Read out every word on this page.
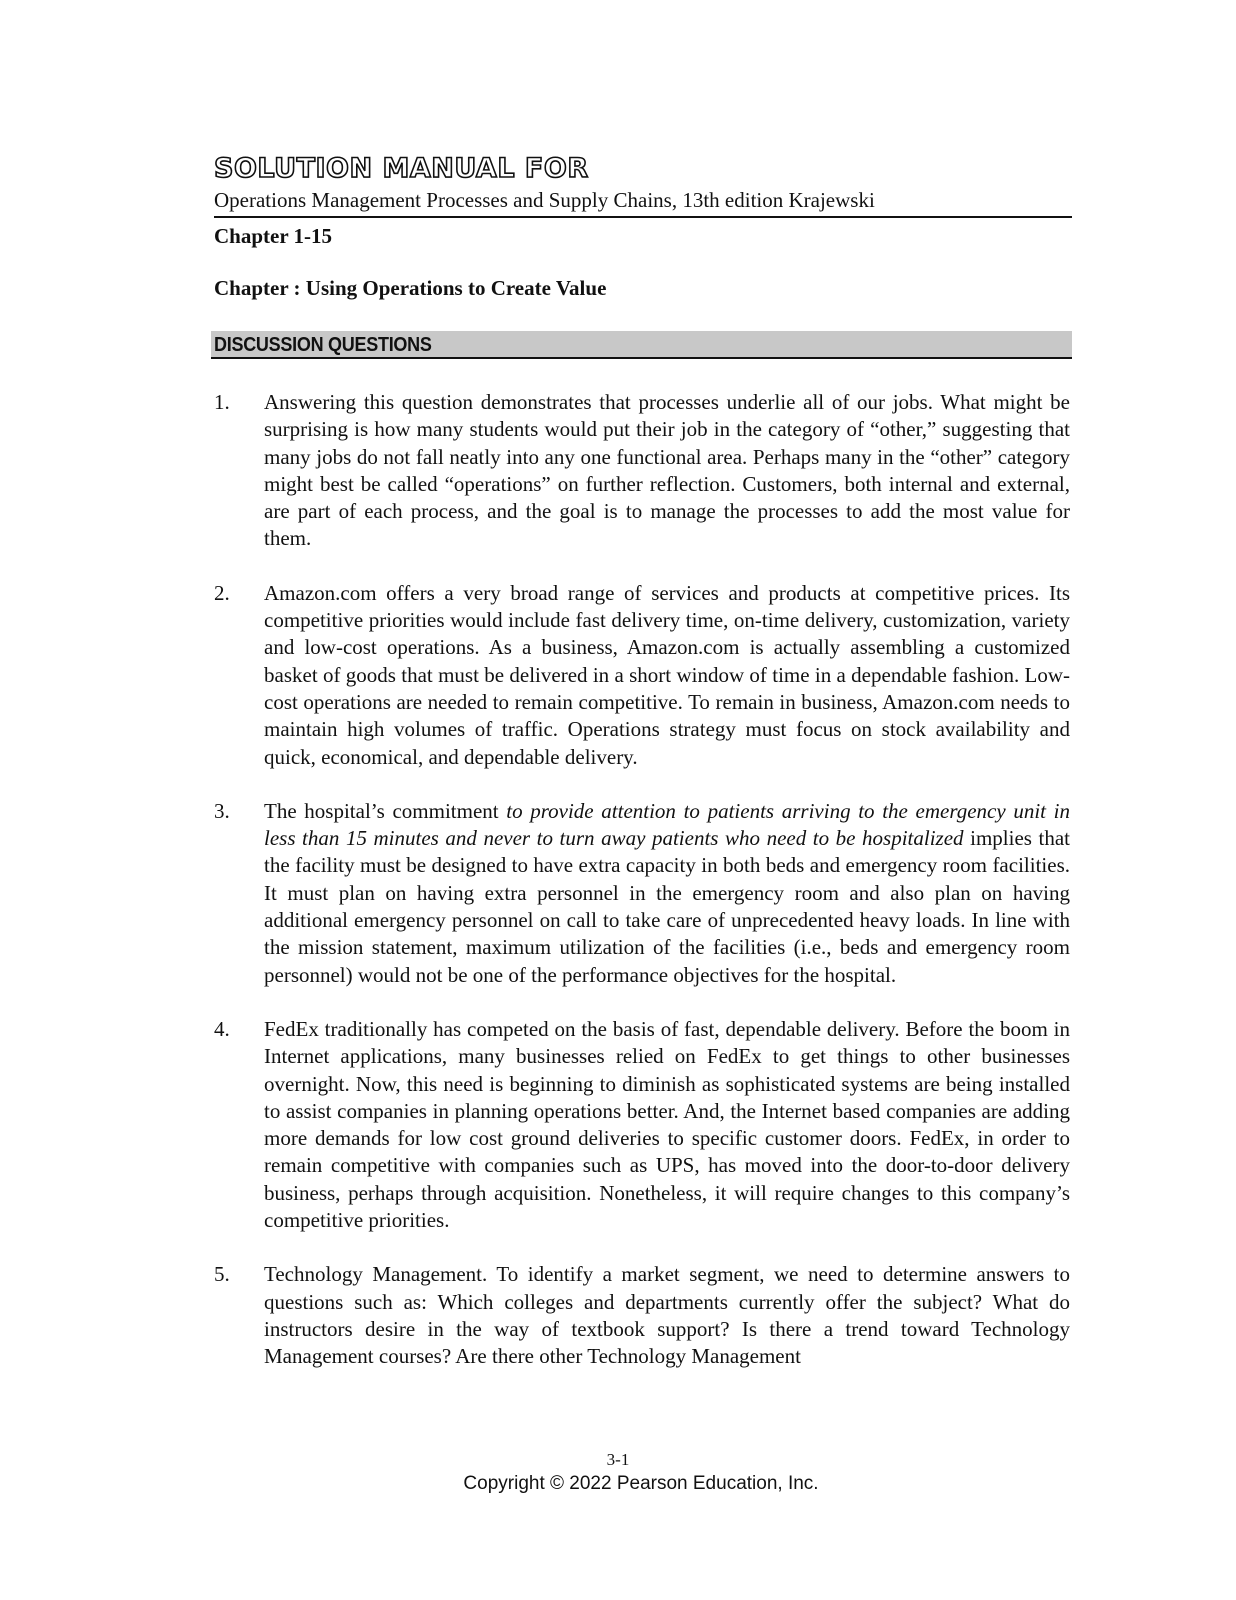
SOLUTION MANUAL FOR
Operations Management Processes and Supply Chains, 13th edition Krajewski
Chapter 1-15
Chapter : Using Operations to Create Value
DISCUSSION QUESTIONS
1. Answering this question demonstrates that processes underlie all of our jobs. What might be surprising is how many students would put their job in the category of “other,” suggesting that many jobs do not fall neatly into any one functional area. Perhaps many in the “other” category might best be called “operations” on further reflection. Customers, both internal and external, are part of each process, and the goal is to manage the processes to add the most value for them.
2. Amazon.com offers a very broad range of services and products at competitive prices. Its competitive priorities would include fast delivery time, on-time delivery, customization, variety and low-cost operations. As a business, Amazon.com is actually assembling a customized basket of goods that must be delivered in a short window of time in a dependable fashion. Low-cost operations are needed to remain competitive. To remain in business, Amazon.com needs to maintain high volumes of traffic. Operations strategy must focus on stock availability and quick, economical, and dependable delivery.
3. The hospital’s commitment to provide attention to patients arriving to the emergency unit in less than 15 minutes and never to turn away patients who need to be hospitalized implies that the facility must be designed to have extra capacity in both beds and emergency room facilities. It must plan on having extra personnel in the emergency room and also plan on having additional emergency personnel on call to take care of unprecedented heavy loads. In line with the mission statement, maximum utilization of the facilities (i.e., beds and emergency room personnel) would not be one of the performance objectives for the hospital.
4. FedEx traditionally has competed on the basis of fast, dependable delivery. Before the boom in Internet applications, many businesses relied on FedEx to get things to other businesses overnight. Now, this need is beginning to diminish as sophisticated systems are being installed to assist companies in planning operations better. And, the Internet based companies are adding more demands for low cost ground deliveries to specific customer doors. FedEx, in order to remain competitive with companies such as UPS, has moved into the door-to-door delivery business, perhaps through acquisition. Nonetheless, it will require changes to this company’s competitive priorities.
5. Technology Management. To identify a market segment, we need to determine answers to questions such as: Which colleges and departments currently offer the subject? What do instructors desire in the way of textbook support? Is there a trend toward Technology Management courses? Are there other Technology Management
3-1
Copyright © 2022 Pearson Education, Inc.
